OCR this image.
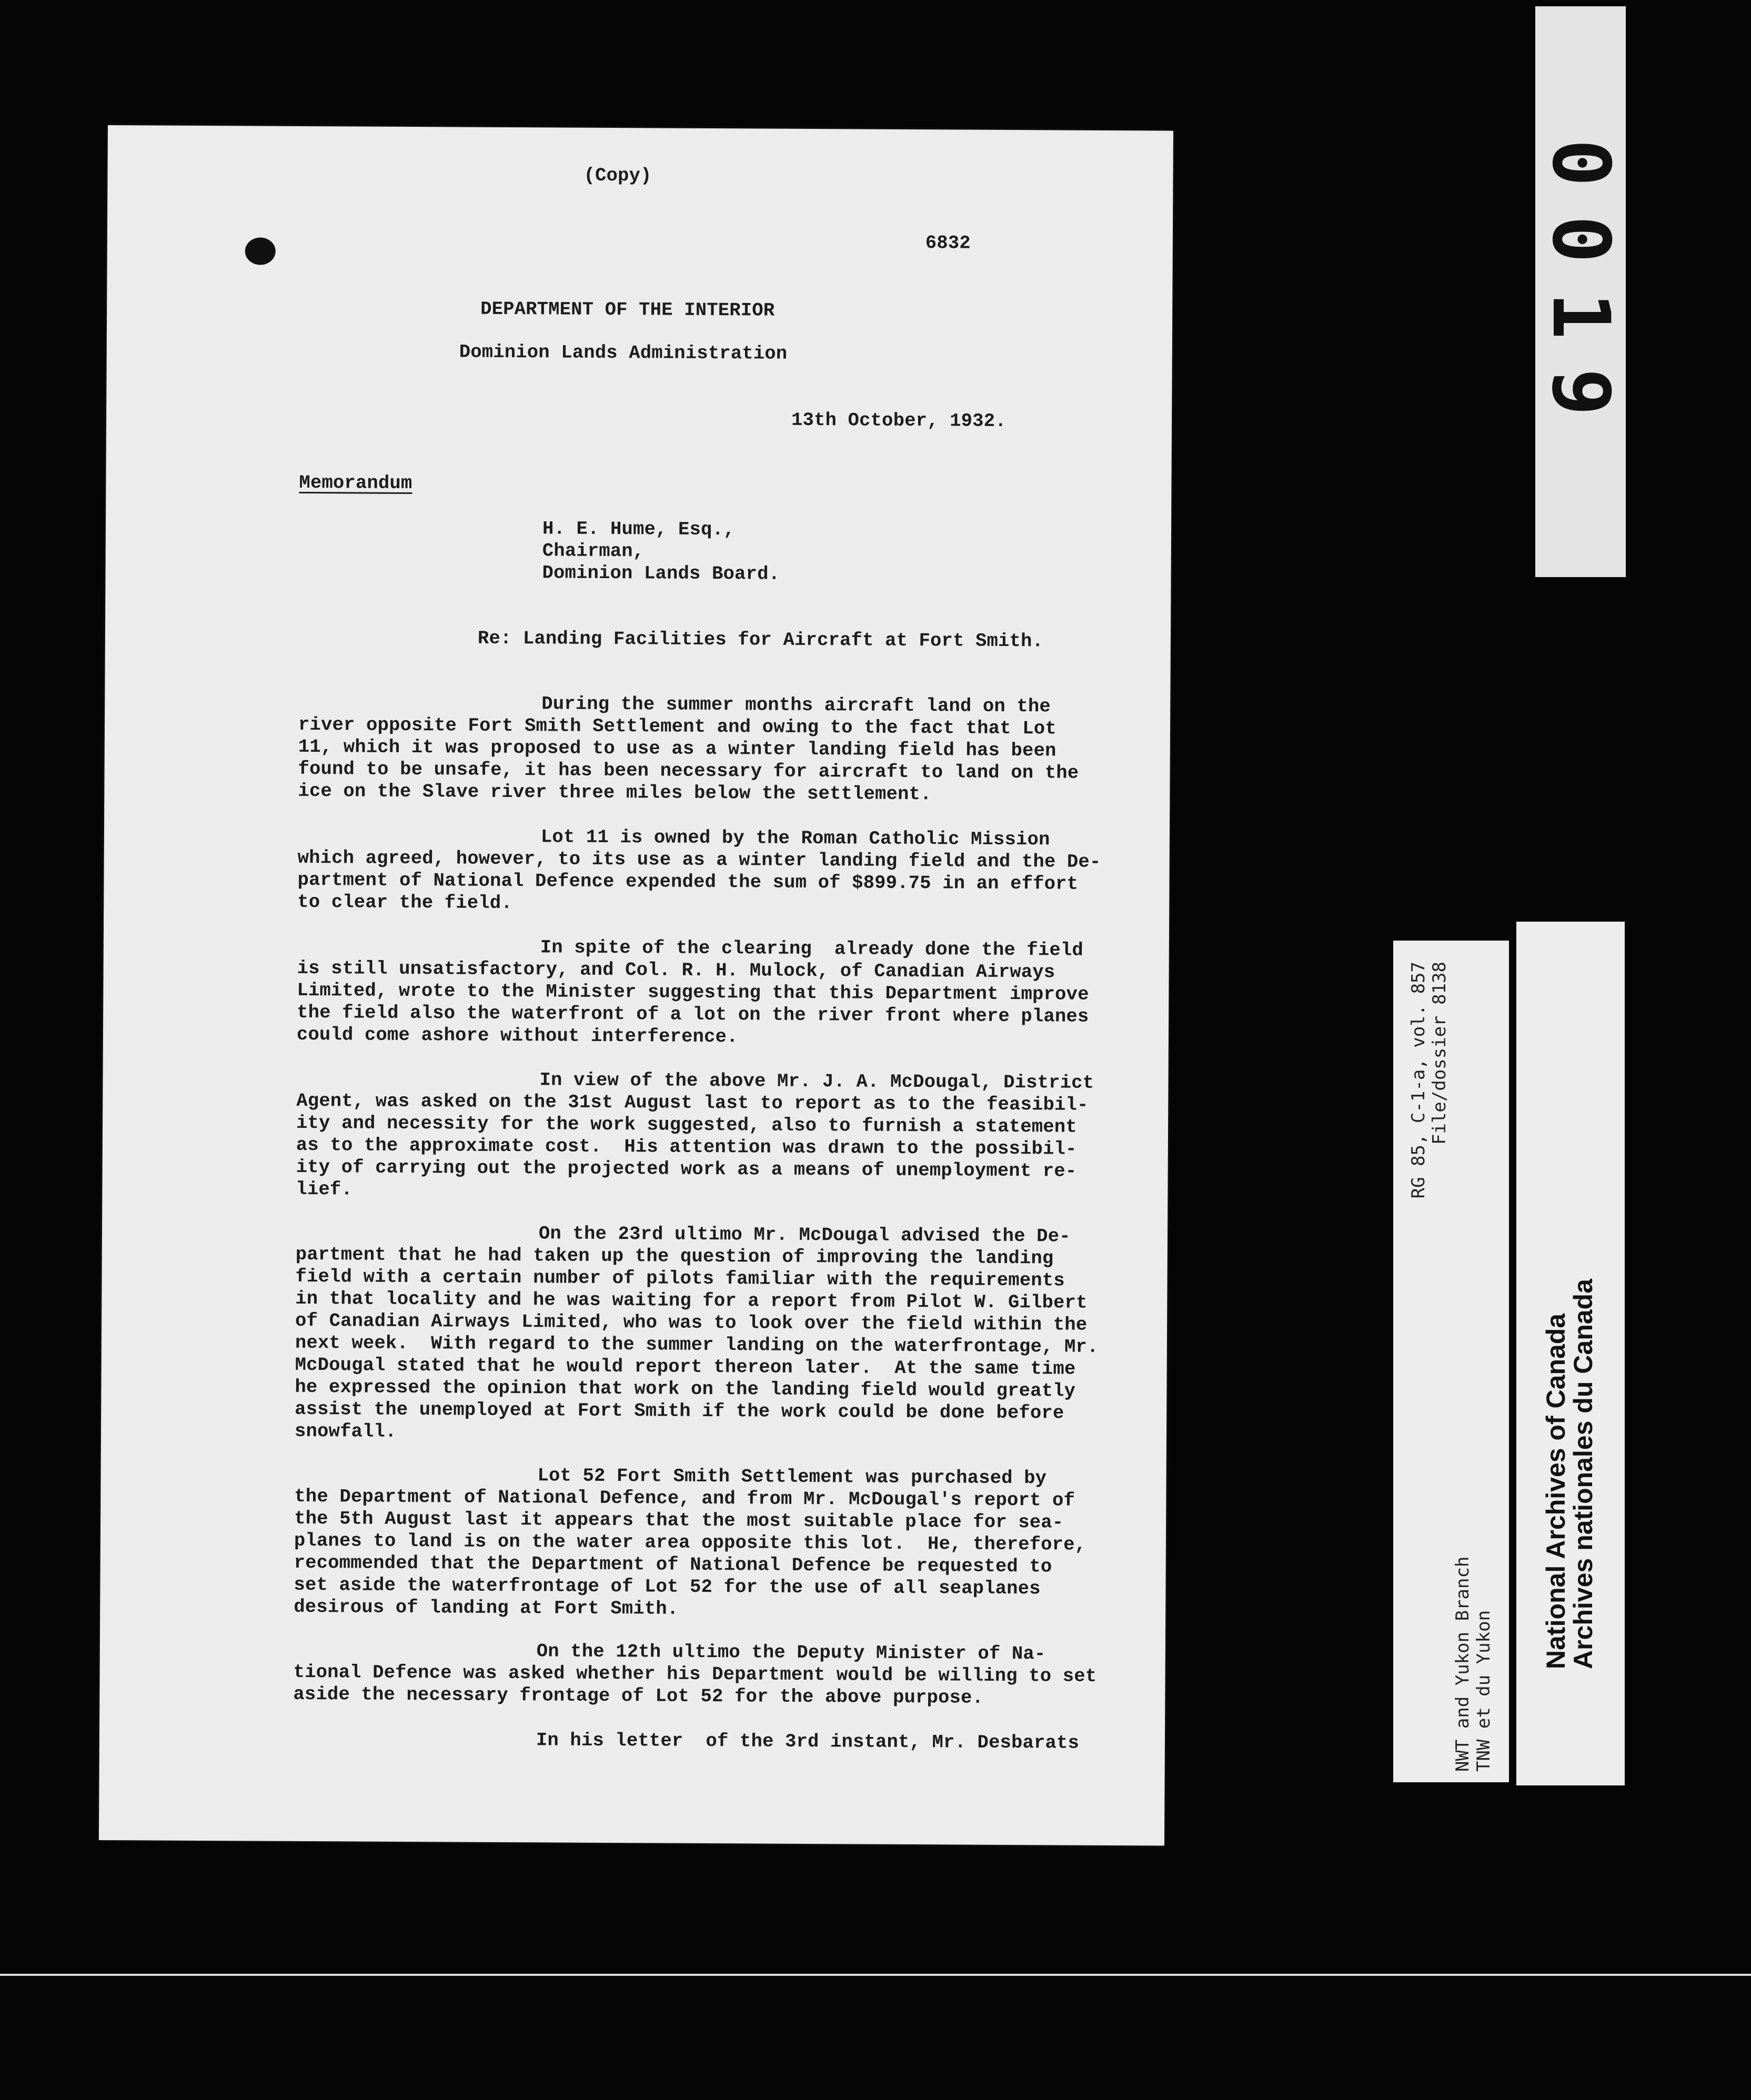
(Copy)
6832
DEPARTMENT OF THE INTERIOR
Dominion Lands Administration
13th October, 1932.
Memorandum
H. E. Hume, Esq.,
Chairman,
Dominion Lands Board.
Re: Landing Facilities for Aircraft at Fort Smith.
During the summer months aircraft land on the
river opposite Fort Smith Settlement and owing to the fact that Lot
11, which it was proposed to use as a winter landing field has been
found to be unsafe, it has been necessary for aircraft to land on the
ice on the Slave river three miles below the settlement.
Lot 11 is owned by the Roman Catholic Mission
which agreed, however, to its use as a winter landing field and the De-
partment of National Defence expended the sum of $899.75 in an effort
to clear the field.
In spite of the clearing  already done the field
is still unsatisfactory, and Col. R. H. Mulock, of Canadian Airways
Limited, wrote to the Minister suggesting that this Department improve
the field also the waterfront of a lot on the river front where planes
could come ashore without interference.
In view of the above Mr. J. A. McDougal, District
Agent, was asked on the 31st August last to report as to the feasibil-
ity and necessity for the work suggested, also to furnish a statement
as to the approximate cost.  His attention was drawn to the possibil-
ity of carrying out the projected work as a means of unemployment re-
lief.
On the 23rd ultimo Mr. McDougal advised the De-
partment that he had taken up the question of improving the landing
field with a certain number of pilots familiar with the requirements
in that locality and he was waiting for a report from Pilot W. Gilbert
of Canadian Airways Limited, who was to look over the field within the
next week.  With regard to the summer landing on the waterfrontage, Mr.
McDougal stated that he would report thereon later.  At the same time
he expressed the opinion that work on the landing field would greatly
assist the unemployed at Fort Smith if the work could be done before
snowfall.
Lot 52 Fort Smith Settlement was purchased by
the Department of National Defence, and from Mr. McDougal's report of
the 5th August last it appears that the most suitable place for sea-
planes to land is on the water area opposite this lot.  He, therefore,
recommended that the Department of National Defence be requested to
set aside the waterfrontage of Lot 52 for the use of all seaplanes
desirous of landing at Fort Smith.
On the 12th ultimo the Deputy Minister of Na-
tional Defence was asked whether his Department would be willing to set
aside the necessary frontage of Lot 52 for the above purpose.
In his letter  of the 3rd instant, Mr. Desbarats
0019
RG 85, C-1-a, vol. 857 File/dossier 8138
NWT and Yukon Branch TNW et du Yukon
National Archives of Canada
Archives nationales du Canada
